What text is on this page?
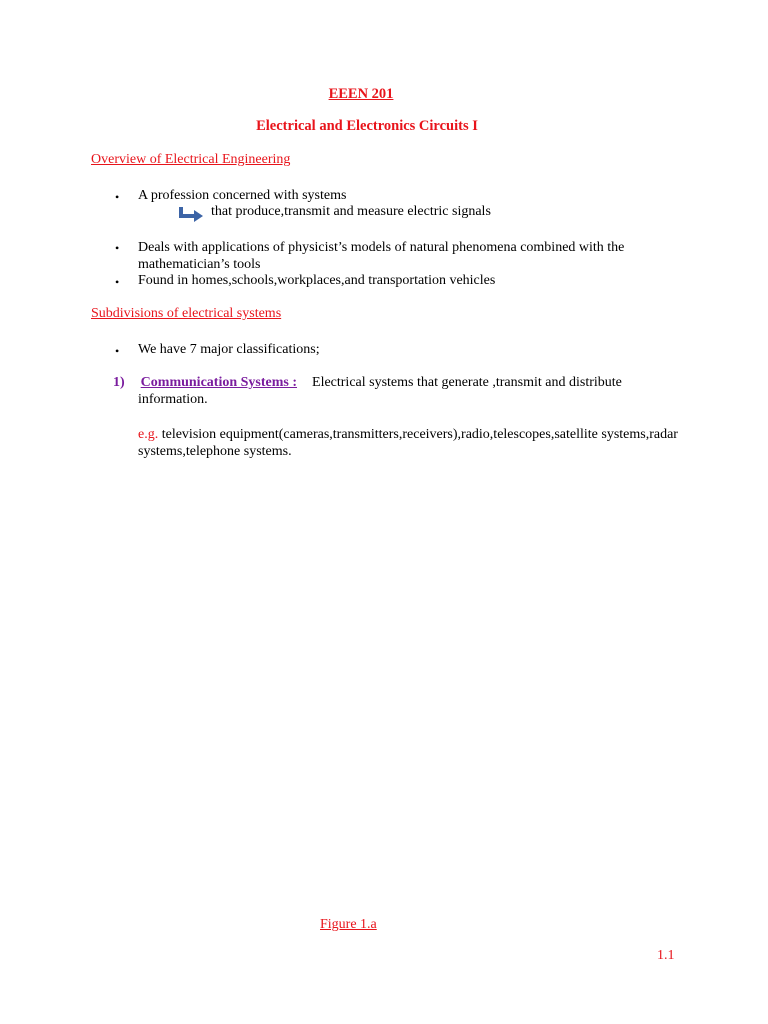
EEEN 201
Electrical and Electronics Circuits I
Overview of Electrical Engineering
• A profession concerned with systems
that produce,transmit and measure electric signals
• Deals with applications of physicist’s models of natural phenomena combined with the mathematician’s tools
• Found in homes,schools,workplaces,and transportation vehicles
Subdivisions of electrical systems
• We have 7 major classifications;
1) Communication Systems : Electrical systems that generate ,transmit and distribute
information.
e.g. television equipment(cameras,transmitters,receivers),radio,telescopes,satellite systems,radar systems,telephone systems.
Figure 1.a
1.1
